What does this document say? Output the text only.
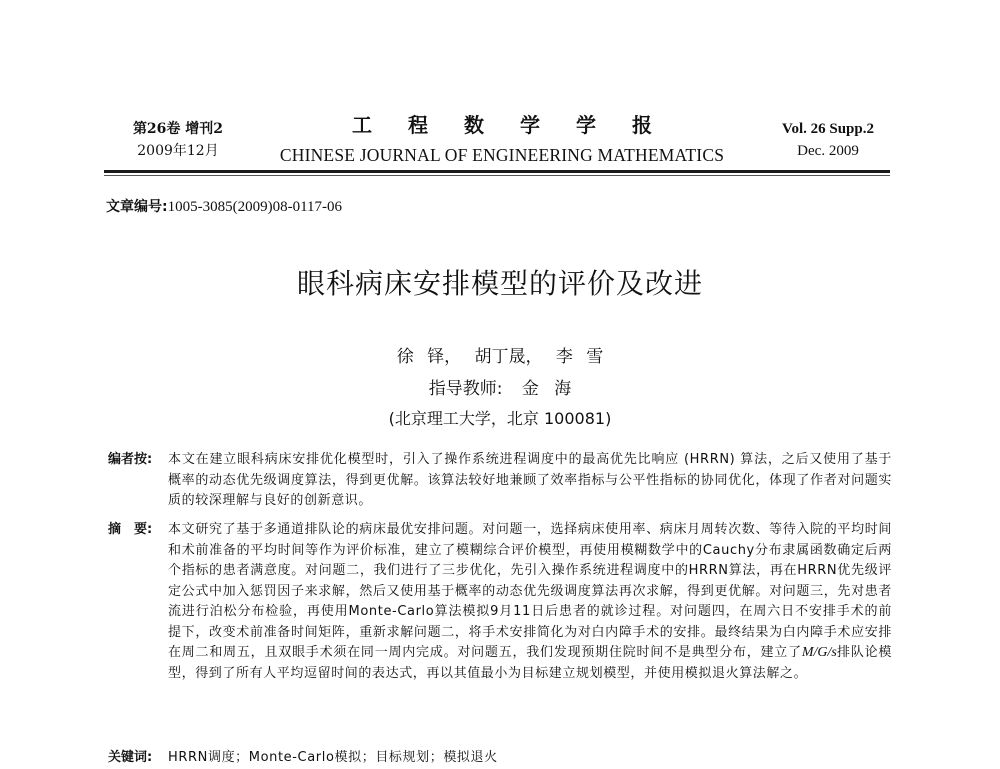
第26卷 增刊2
2009年12月
工程数学学报
CHINESE JOURNAL OF ENGINEERING MATHEMATICS
Vol. 26 Supp.2
Dec. 2009
文章编号:1005-3085(2009)08-0117-06
眼科病床安排模型的评价及改进
徐 铎， 胡丁晟， 李 雪
指导教师: 金 海
(北京理工大学，北京 100081)
编者按:	本文在建立眼科病床安排优化模型时，引入了操作系统进程调度中的最高优先比响应 (HRRN) 算法，之后又使用了基于概率的动态优先级调度算法，得到更优解。该算法较好地兼顾了效率指标与公平性指标的协同优化，体现了作者对问题实质的较深理解与良好的创新意识。
摘　要:	本文研究了基于多通道排队论的病床最优安排问题。对问题一，选择病床使用率、病床月周转次数、等待入院的平均时间和术前准备的平均时间等作为评价标准，建立了模糊综合评价模型，再使用模糊数学中的Cauchy分布隶属函数确定后两个指标的患者满意度。对问题二，我们进行了三步优化，先引入操作系统进程调度中的HRRN算法，再在HRRN优先级评定公式中加入惩罚因子来求解，然后又使用基于概率的动态优先级调度算法再次求解，得到更优解。对问题三，先对患者流进行泊松分布检验，再使用Monte-Carlo算法模拟9月11日后患者的就诊过程。对问题四，在周六日不安排手术的前提下，改变术前准备时间矩阵，重新求解问题二，将手术安排简化为对白内障手术的安排。最终结果为白内障手术应安排在周二和周五，且双眼手术须在同一周内完成。对问题五，我们发现预期住院时间不是典型分布，建立了M/G/s排队论模型，得到了所有人平均逗留时间的表达式，再以其值最小为目标建立规划模型，并使用模拟退火算法解之。
关键词:	HRRN调度；Monte-Carlo模拟；目标规划；模拟退火
